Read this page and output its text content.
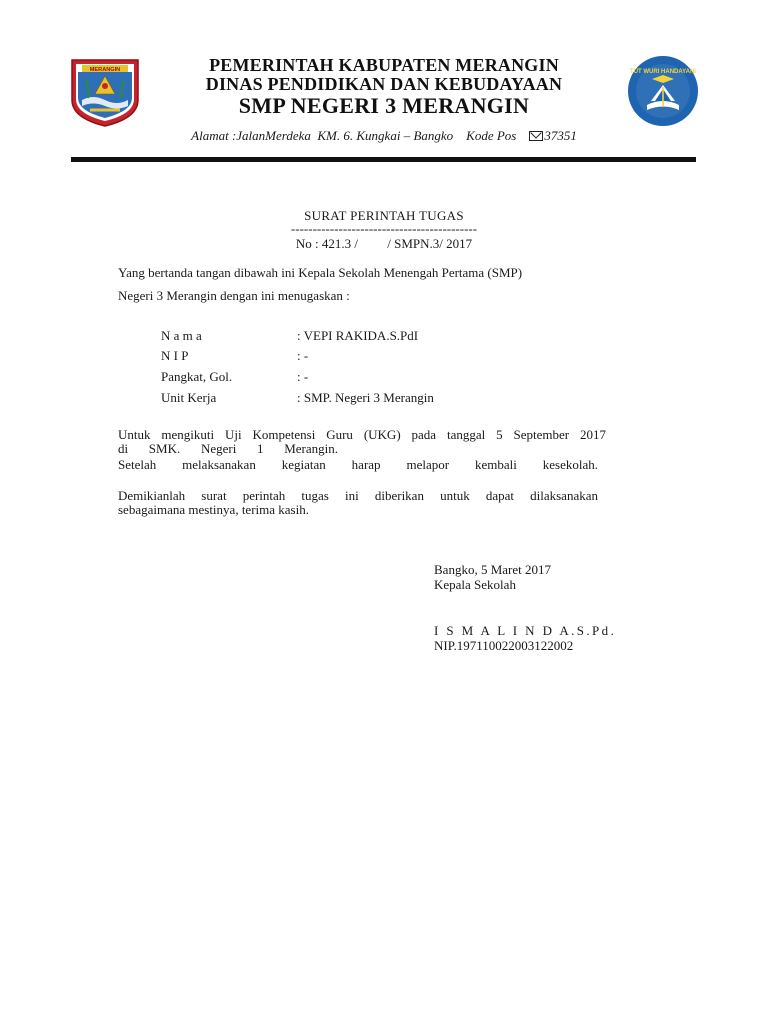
MERANGIN	PEMERINTAH KABUPATEN MERANGIN
DINAS PENDIDIKAN DAN KEBUDAYAAN
SMP NEGERI 3 MERANGIN
TUT WURI HANDAYANI
Alamat :JalanMerdeka  KM. 6. Kungkai – Bangko    Kode Pos    37351
SURAT PERINTAH TUGAS
-------------------------------------------
No : 421.3 /         / SMPN.3/ 2017
Yang bertanda tangan dibawah ini Kepala Sekolah Menengah Pertama (SMP)
Negeri 3 Merangin dengan ini menugaskan :
N a m a	: VEPI RAKIDA.S.PdI
N I P	: -
Pangkat, Gol.	: -
Unit Kerja	: SMP. Negeri 3 Merangin
Untuk mengikuti Uji Kompetensi Guru (UKG) pada tanggal 5 September 2017
di SMK. Negeri 1 Merangin.
Setelah melaksanakan kegiatan harap melapor kembali kesekolah.
Demikianlah surat perintah tugas ini diberikan untuk dapat dilaksanakan
sebagaimana mestinya, terima kasih.
Bangko, 5 Maret 2017
Kepala Sekolah
I S M A L I N D A.S.Pd.
NIP.197110022003122002
